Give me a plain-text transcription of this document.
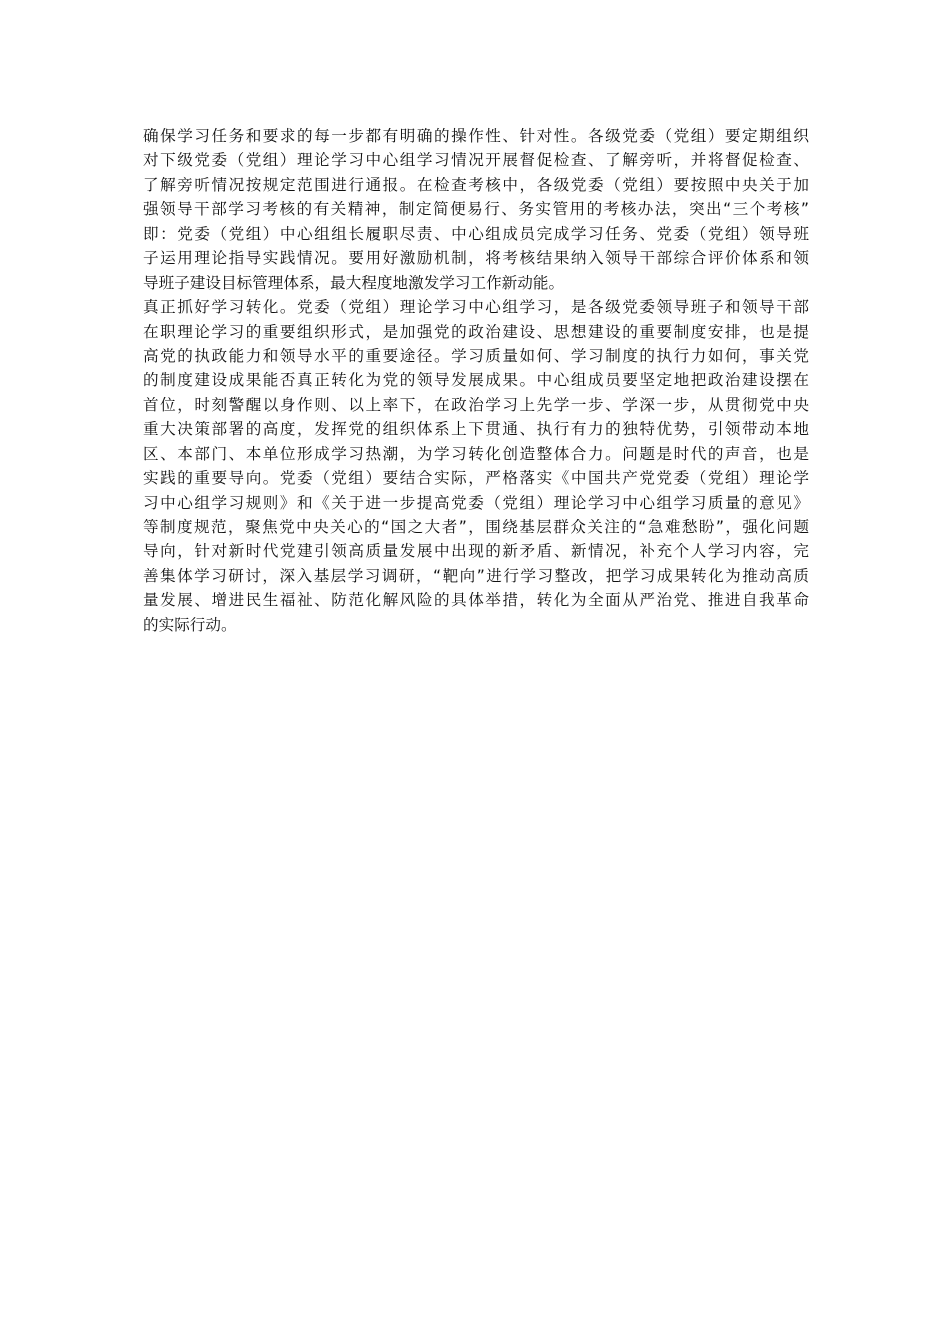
确保学习任务和要求的每一步都有明确的操作性、针对性。各级党委（党组）要定期组织
对下级党委（党组）理论学习中心组学习情况开展督促检查、了解旁听，并将督促检查、
了解旁听情况按规定范围进行通报。在检查考核中，各级党委（党组）要按照中央关于加
强领导干部学习考核的有关精神，制定简便易行、务实管用的考核办法，突出“三个考核”
即：党委（党组）中心组组长履职尽责、中心组成员完成学习任务、党委（党组）领导班
子运用理论指导实践情况。要用好激励机制，将考核结果纳入领导干部综合评价体系和领
导班子建设目标管理体系，最大程度地激发学习工作新动能。
真正抓好学习转化。党委（党组）理论学习中心组学习，是各级党委领导班子和领导干部
在职理论学习的重要组织形式，是加强党的政治建设、思想建设的重要制度安排，也是提
高党的执政能力和领导水平的重要途径。学习质量如何、学习制度的执行力如何，事关党
的制度建设成果能否真正转化为党的领导发展成果。中心组成员要坚定地把政治建设摆在
首位，时刻警醒以身作则、以上率下，在政治学习上先学一步、学深一步，从贯彻党中央
重大决策部署的高度，发挥党的组织体系上下贯通、执行有力的独特优势，引领带动本地
区、本部门、本单位形成学习热潮，为学习转化创造整体合力。问题是时代的声音，也是
实践的重要导向。党委（党组）要结合实际，严格落实《中国共产党党委（党组）理论学
习中心组学习规则》和《关于进一步提高党委（党组）理论学习中心组学习质量的意见》
等制度规范，聚焦党中央关心的“国之大者”，围绕基层群众关注的“急难愁盼”，强化问题
导向，针对新时代党建引领高质量发展中出现的新矛盾、新情况，补充个人学习内容，完
善集体学习研讨，深入基层学习调研，“靶向”进行学习整改，把学习成果转化为推动高质
量发展、增进民生福祉、防范化解风险的具体举措，转化为全面从严治党、推进自我革命
的实际行动。
